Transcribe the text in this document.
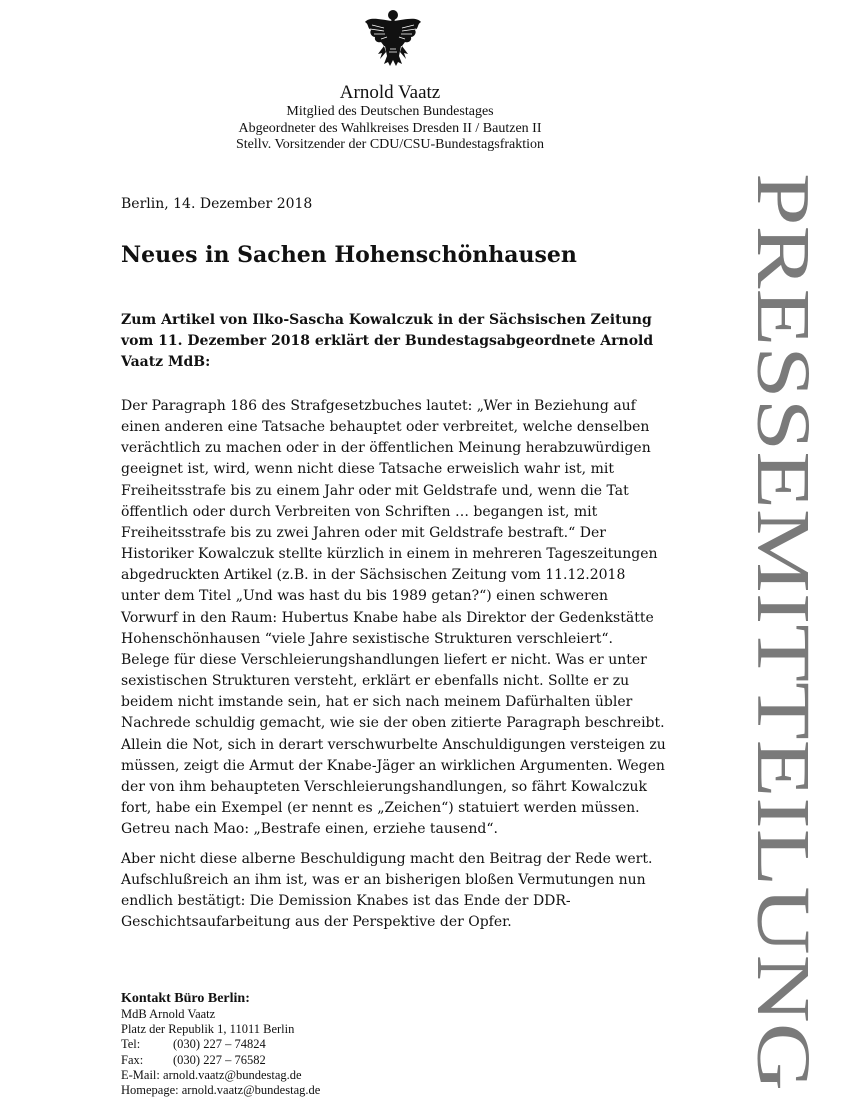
Arnold Vaatz
Mitglied des Deutschen Bundestages
Abgeordneter des Wahlkreises Dresden II / Bautzen II
Stellv. Vorsitzender der CDU/CSU-Bundestagsfraktion
Berlin, 14. Dezember 2018
Neues in Sachen Hohenschönhausen

Zum Artikel von Ilko-Sascha Kowalczuk in der Sächsischen Zeitung vom 11. Dezember 2018 erklärt der Bundestagsabgeordnete Arnold Vaatz MdB:

Der Paragraph 186 des Strafgesetzbuches lautet: „Wer in Beziehung auf einen anderen eine Tatsache behauptet oder verbreitet, welche denselben verächtlich zu machen oder in der öffentlichen Meinung herabzuwürdigen geeignet ist, wird, wenn nicht diese Tatsache erweislich wahr ist, mit Freiheitsstrafe bis zu einem Jahr oder mit Geldstrafe und, wenn die Tat öffentlich oder durch Verbreiten von Schriften … begangen ist, mit Freiheitsstrafe bis zu zwei Jahren oder mit Geldstrafe bestraft.“ Der Historiker Kowalczuk stellte kürzlich in einem in mehreren Tageszeitungen abgedruckten Artikel (z.B. in der Sächsischen Zeitung vom 11.12.2018 unter dem Titel „Und was hast du bis 1989 getan?“) einen schweren Vorwurf in den Raum: Hubertus Knabe habe als Direktor der Gedenkstätte Hohenschönhausen “viele Jahre sexistische Strukturen verschleiert“. Belege für diese Verschleierungshandlungen liefert er nicht. Was er unter sexistischen Strukturen versteht, erklärt er ebenfalls nicht. Sollte er zu beidem nicht imstande sein, hat er sich nach meinem Dafürhalten übler Nachrede schuldig gemacht, wie sie der oben zitierte Paragraph beschreibt. Allein die Not, sich in derart verschwurbelte Anschuldigungen versteigen zu müssen, zeigt die Armut der Knabe-Jäger an wirklichen Argumenten. Wegen der von ihm behaupteten Verschleierungshandlungen, so fährt Kowalczuk fort, habe ein Exempel (er nennt es „Zeichen“) statuiert werden müssen. Getreu nach Mao: „Bestrafe einen, erziehe tausend“.

Aber nicht diese alberne Beschuldigung macht den Beitrag der Rede wert. Aufschlußreich an ihm ist, was er an bisherigen bloßen Vermutungen nun endlich bestätigt: Die Demission Knabes ist das Ende der DDR-Geschichtsaufarbeitung aus der Perspektive der Opfer.

Kontakt Büro Berlin:
MdB Arnold Vaatz
Platz der Republik 1, 11011 Berlin
Tel:	(030) 227 – 74824
Fax: (030) 227 – 76582
E-Mail: arnold.vaatz@bundestag.de
Homepage: arnold.vaatz@bundestag.de
PRESSEMITTEILUNG
